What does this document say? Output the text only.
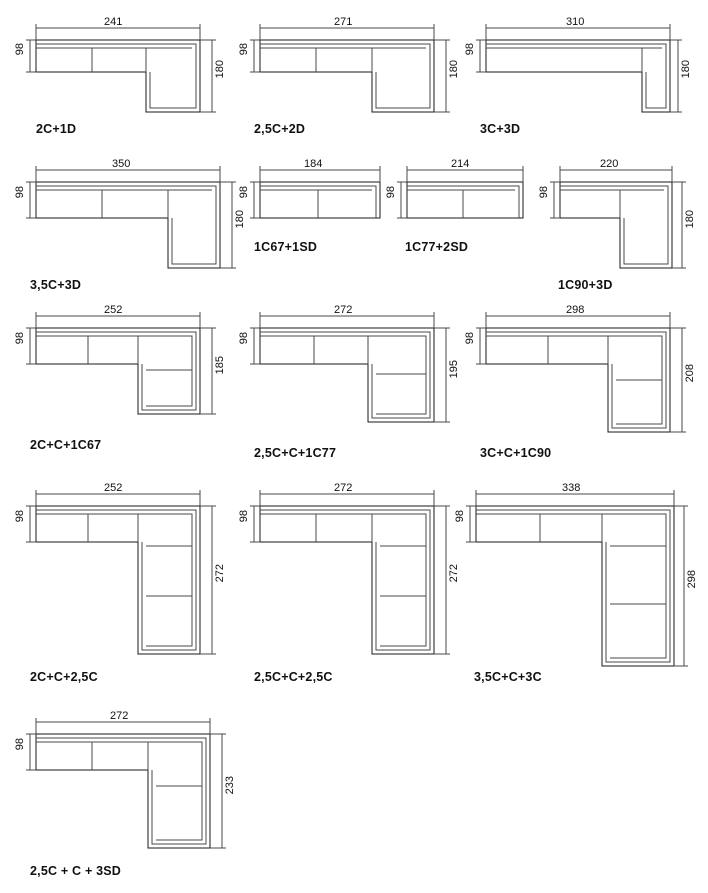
241
98
180
2C+1D
271
98
180
2,5C+2D
310
98
180
3C+3D
350
98
180
3,5C+3D
184
98
1C67+1SD
214
98
1C77+2SD
220
98
180
1C90+3D
252
98
185
2C+C+1C67
272
98
195
2,5C+C+1C77
298
98
208
3C+C+1C90
252
98
272
2C+C+2,5C
272
98
272
2,5C+C+2,5C
338
98
298
3,5C+C+3C
272
98
233
2,5C + C + 3SD
